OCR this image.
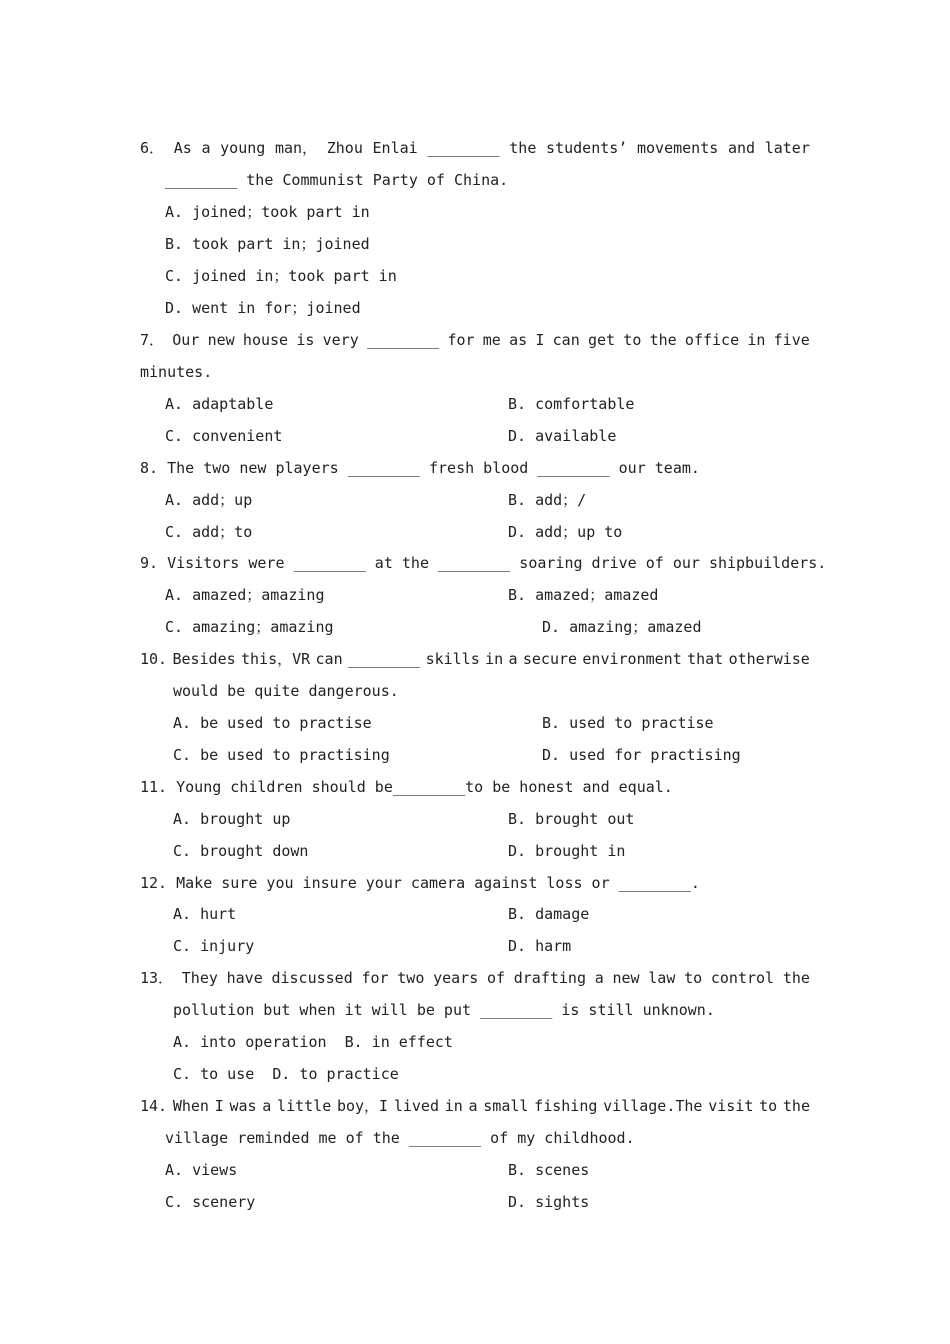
6． As a young man， Zhou Enlai ________ the students’ movements and later
________ the Communist Party of China.
A. joined；took part in
B. took part in；joined
C. joined in；took part in
D. went in for；joined
7． Our new house is very ________ for me as I can get to the office in five
minutes.
A. adaptable	B. comfortable
C. convenient	D. available
8. The two new players ________ fresh blood ________ our team.
A. add；up	B. add；/
C. add；to	D. add；up to
9. Visitors were ________ at the ________ soaring drive of our shipbuilders.
A. amazed；amazing	B. amazed；amazed
C. amazing；amazing	D. amazing；amazed
10. Besides this，VR can ________ skills in a secure environment that otherwise
would be quite dangerous.
A. be used to practise	B. used to practise
C. be used to practising	D. used for practising
11. Young children should be________to be honest and equal.
A. brought up	B. brought out
C. brought down	D. brought in
12. Make sure you insure your camera against loss or ________.
A. hurt	B. damage
C. injury	D. harm
13． They have discussed for two years of drafting a new law to control the
pollution but when it will be put ________ is still unknown.
A. into operation  B. in effect
C. to use  D. to practice
14. When I was a little boy，I lived in a small fishing village.The visit to the
village reminded me of the ________ of my childhood.
A. views	B. scenes
C. scenery	D. sights
